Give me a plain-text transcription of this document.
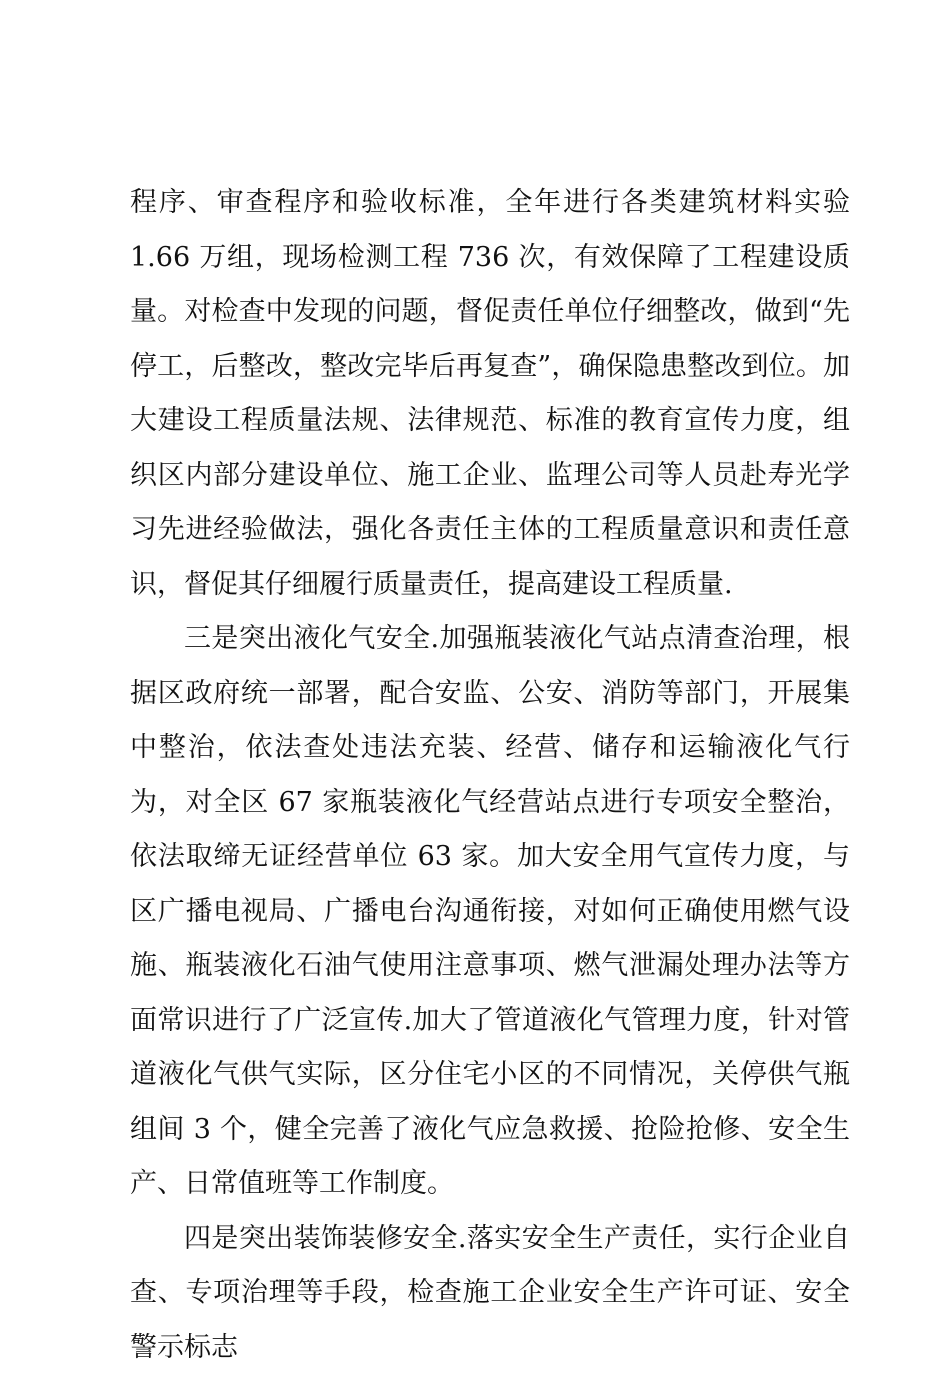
程序、审查程序和验收标准，全年进行各类建筑材料实验 1.66 万组，现场检测工程 736 次，有效保障了工程建设质量。对检查中发现的问题，督促责任单位仔细整改，做到“先停工，后整改，整改完毕后再复查”，确保隐患整改到位。加大建设工程质量法规、法律规范、标准的教育宣传力度，组织区内部分建设单位、施工企业、监理公司等人员赴寿光学习先进经验做法，强化各责任主体的工程质量意识和责任意识，督促其仔细履行质量责任，提高建设工程质量.

三是突出液化气安全.加强瓶装液化气站点清查治理，根据区政府统一部署，配合安监、公安、消防等部门，开展集中整治，依法查处违法充装、经营、储存和运输液化气行为，对全区 67 家瓶装液化气经营站点进行专项安全整治，依法取缔无证经营单位 63 家。加大安全用气宣传力度，与区广播电视局、广播电台沟通衔接，对如何正确使用燃气设施、瓶装液化石油气使用注意事项、燃气泄漏处理办法等方面常识进行了广泛宣传.加大了管道液化气管理力度，针对管道液化气供气实际，区分住宅小区的不同情况，关停供气瓶组间 3 个，健全完善了液化气应急救援、抢险抢修、安全生产、日常值班等工作制度。

四是突出装饰装修安全.落实安全生产责任，实行企业自查、专项治理等手段，检查施工企业安全生产许可证、安全警示标志
